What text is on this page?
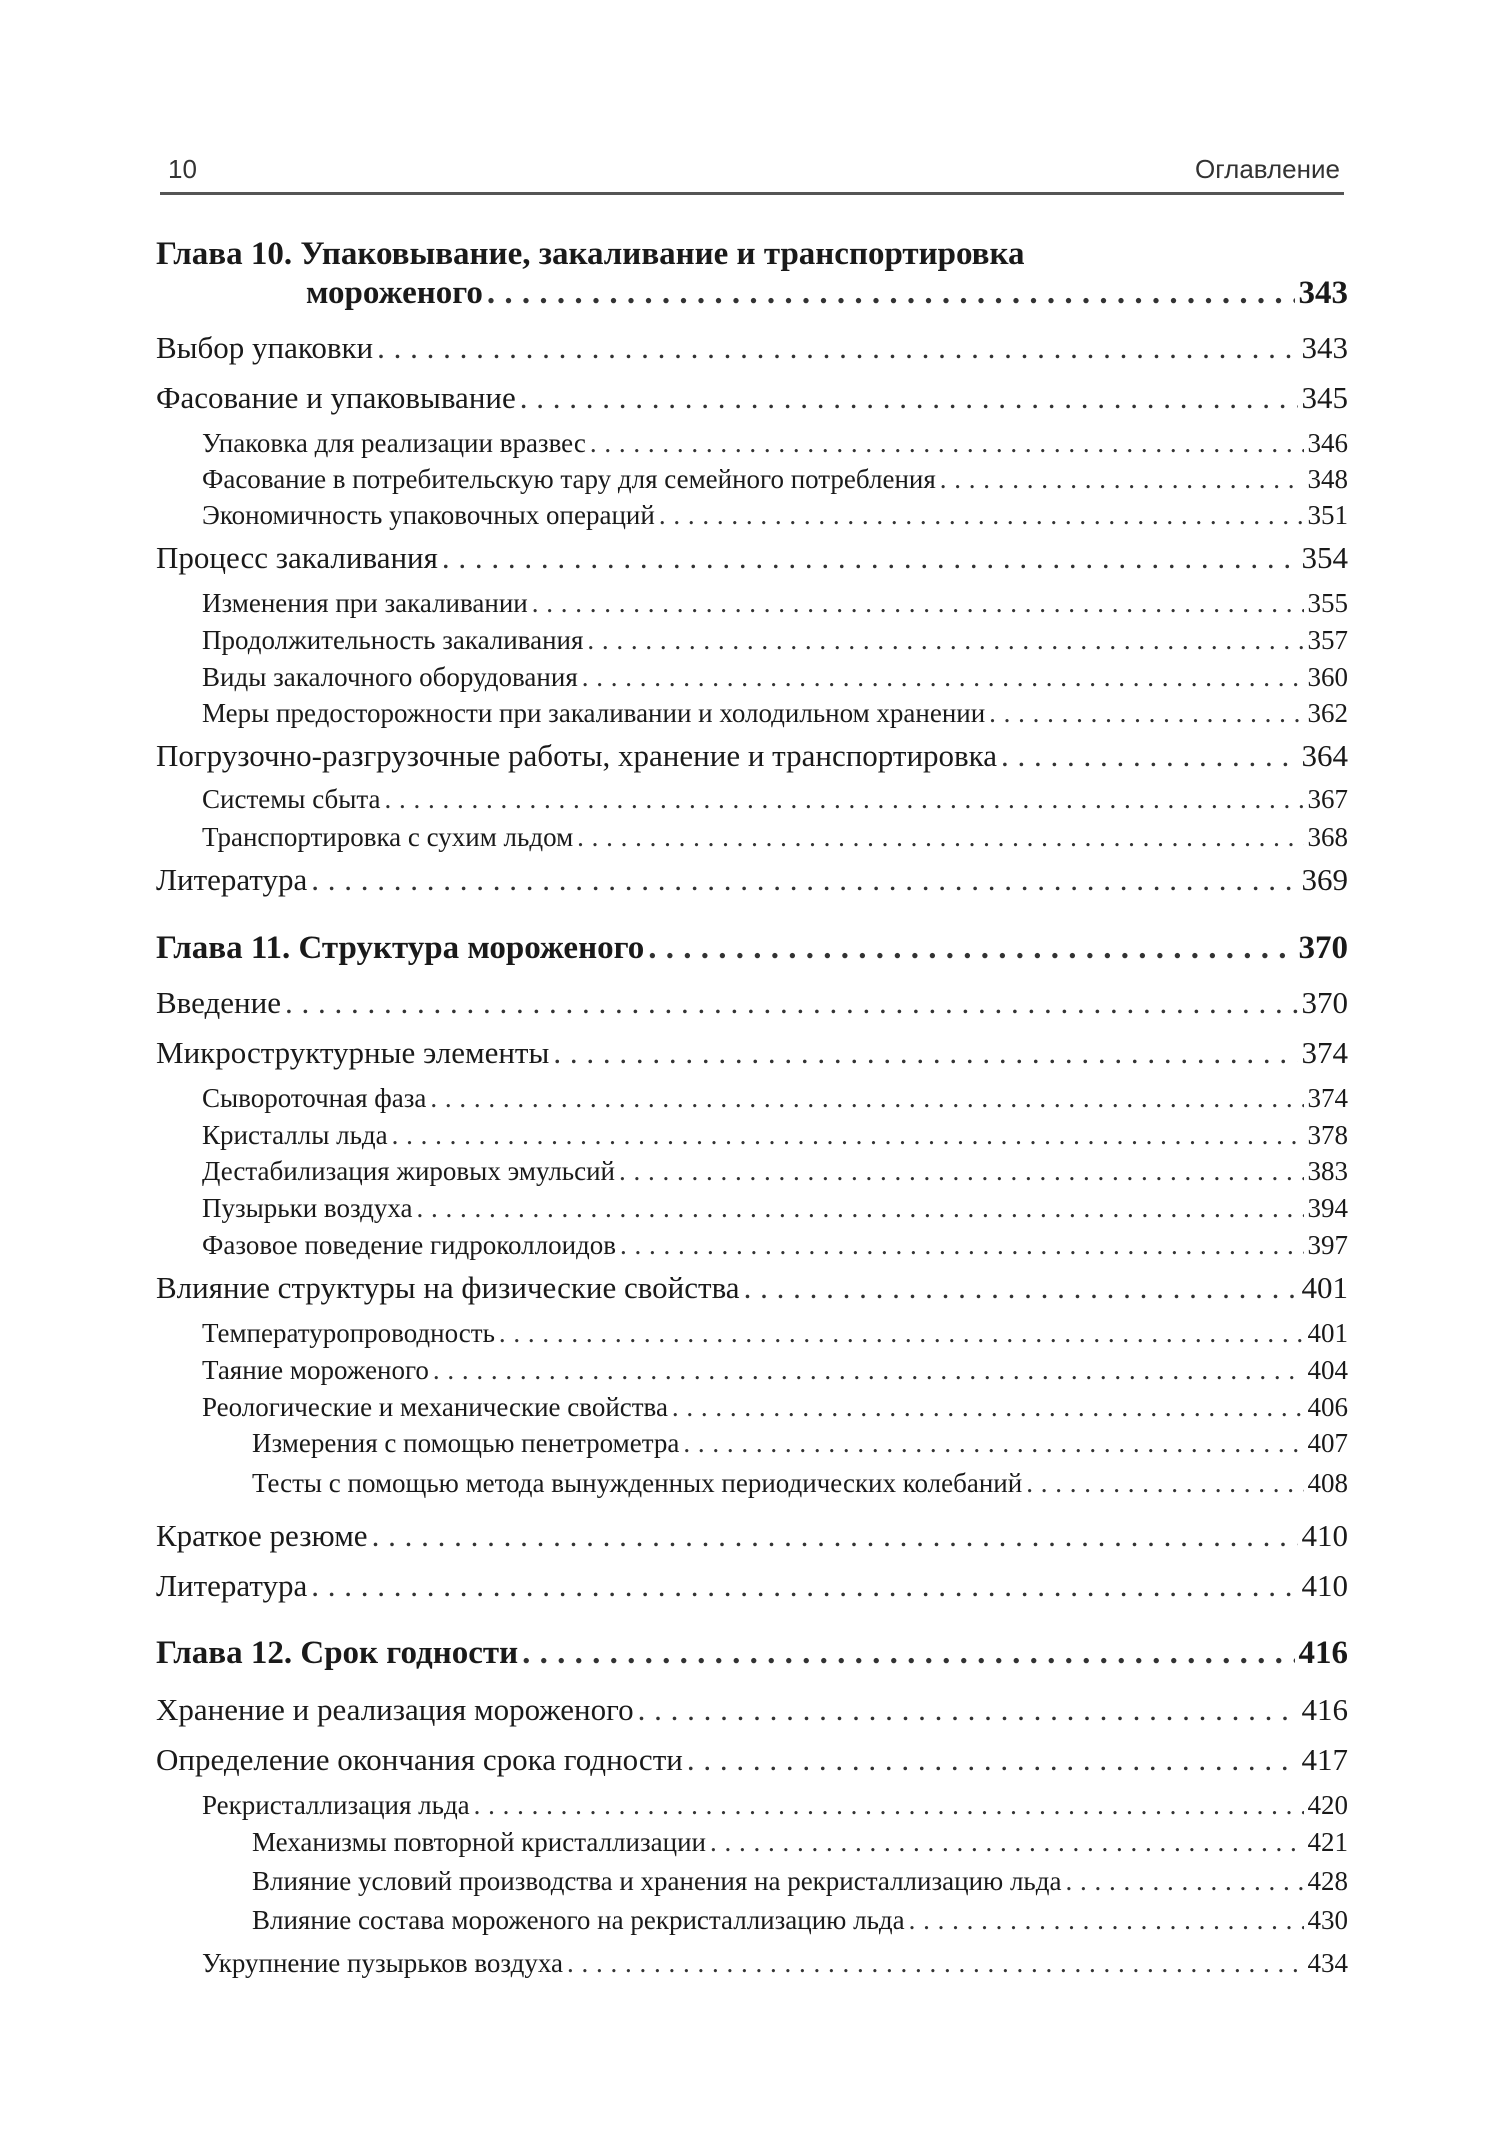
10	Оглавление
Глава 10. Упаковывание, закаливание и транспортировка
мороженого . . .	343
Выбор упаковки . . .	343
Фасование и упаковывание . . .	345
Упаковка для реализации вразвес . . .	346
Фасование в потребительскую тару для семейного потребления . . .	348
Экономичность упаковочных операций . . .	351
Процесс закаливания . . .	354
Изменения при закаливании . . .	355
Продолжительность закаливания . . .	357
Виды закалочного оборудования . . .	360
Меры предосторожности при закаливании и холодильном хранении . . .	362
Погрузочно-разгрузочные работы, хранение и транспортировка . . .	364
Системы сбыта . . .	367
Транспортировка с сухим льдом . . .	368
Литература . . .	369
Глава 11. Структура мороженого . . .	370
Введение . . .	370
Микроструктурные элементы . . .	374
Сывороточная фаза . . .	374
Кристаллы льда . . .	378
Дестабилизация жировых эмульсий . . .	383
Пузырьки воздуха . . .	394
Фазовое поведение гидроколлоидов . . .	397
Влияние структуры на физические свойства . . .	401
Температуропроводность . . .	401
Таяние мороженого . . .	404
Реологические и механические свойства . . .	406
Измерения с помощью пенетрометра . . .	407
Тесты с помощью метода вынужденных периодических колебаний . . .	408
Краткое резюме . . .	410
Литература . . .	410
Глава 12. Срок годности . . .	416
Хранение и реализация мороженого . . .	416
Определение окончания срока годности . . .	417
Рекристаллизация льда . . .	420
Механизмы повторной кристаллизации . . .	421
Влияние условий производства и хранения на рекристаллизацию льда . . .	428
Влияние состава мороженого на рекристаллизацию льда . . .	430
Укрупнение пузырьков воздуха . . .	434
